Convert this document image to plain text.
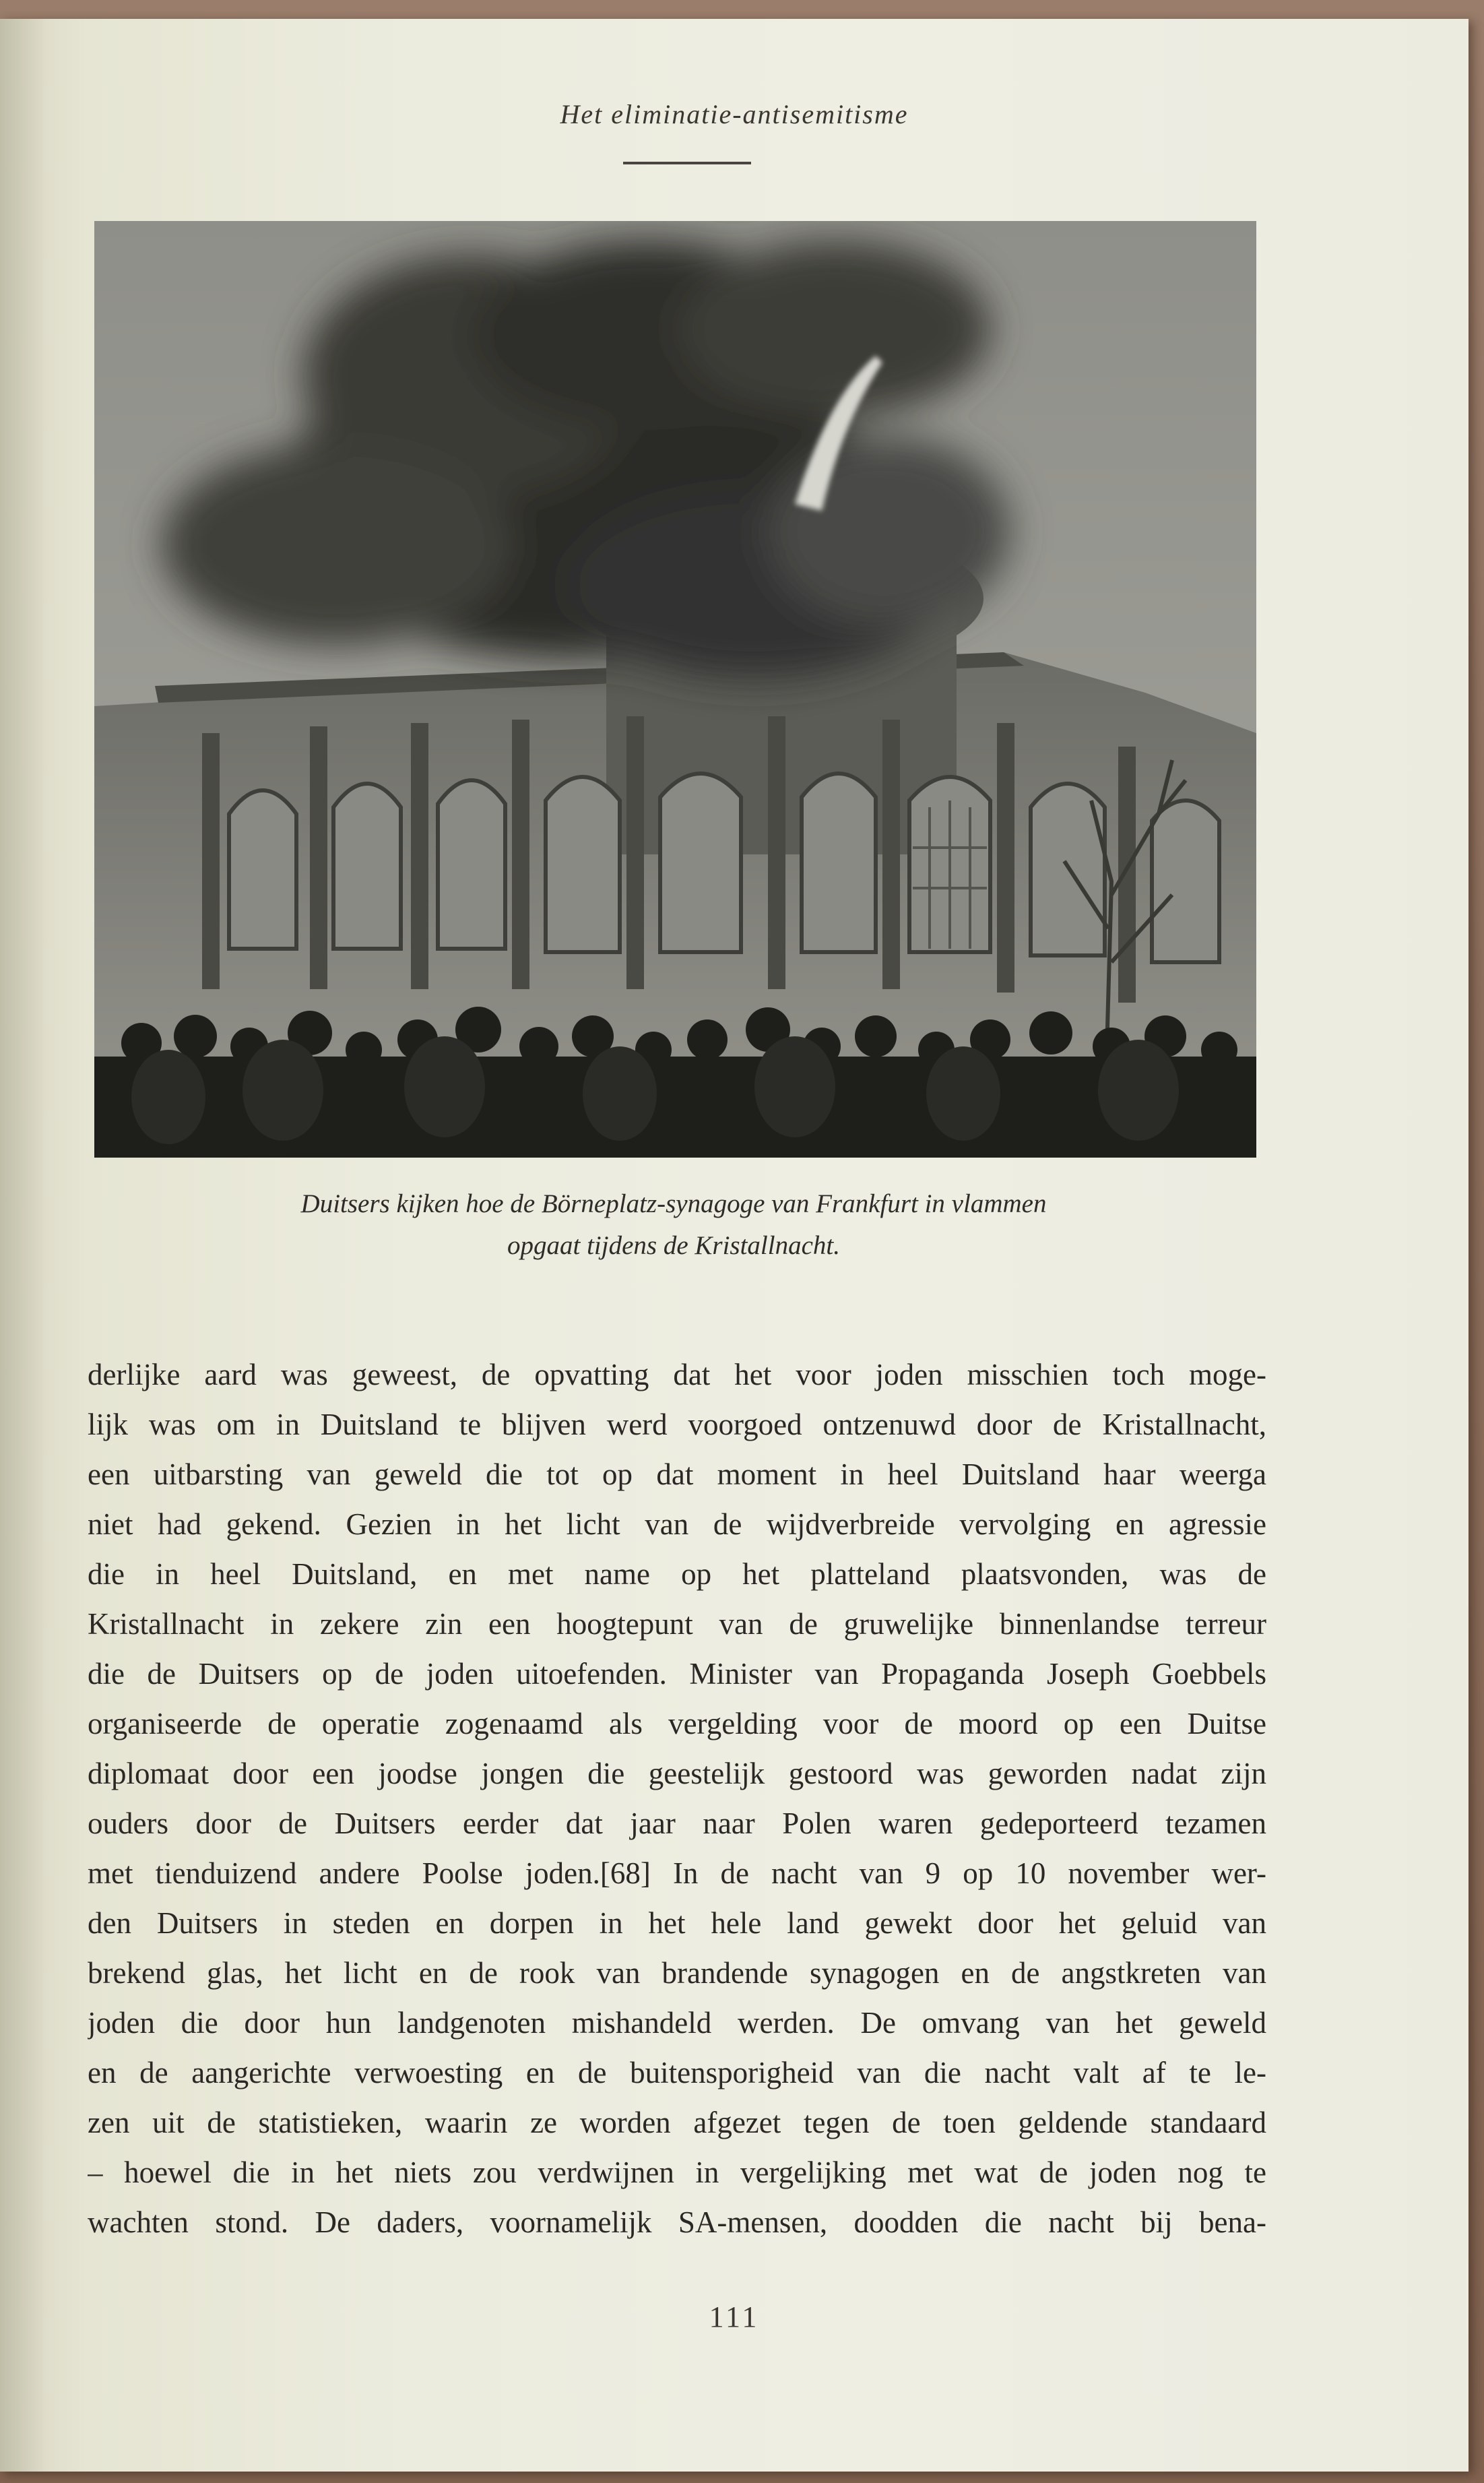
Het eliminatie-antisemitisme
Duitsers kijken hoe de Börneplatz-synagoge van Frankfurt in vlammen
opgaat tijdens de Kristallnacht.
derlijke aard was geweest, de opvatting dat het voor joden misschien toch moge-
lijk was om in Duitsland te blijven werd voorgoed ontzenuwd door de Kristallnacht,
een uitbarsting van geweld die tot op dat moment in heel Duitsland haar weerga
niet had gekend. Gezien in het licht van de wijdverbreide vervolging en agressie
die in heel Duitsland, en met name op het platteland plaatsvonden, was de
Kristallnacht in zekere zin een hoogtepunt van de gruwelijke binnenlandse terreur
die de Duitsers op de joden uitoefenden. Minister van Propaganda Joseph Goebbels
organiseerde de operatie zogenaamd als vergelding voor de moord op een Duitse
diplomaat door een joodse jongen die geestelijk gestoord was geworden nadat zijn
ouders door de Duitsers eerder dat jaar naar Polen waren gedeporteerd tezamen
met tienduizend andere Poolse joden.[68] In de nacht van 9 op 10 november wer-
den Duitsers in steden en dorpen in het hele land gewekt door het geluid van
brekend glas, het licht en de rook van brandende synagogen en de angstkreten van
joden die door hun landgenoten mishandeld werden. De omvang van het geweld
en de aangerichte verwoesting en de buitensporigheid van die nacht valt af te le-
zen uit de statistieken, waarin ze worden afgezet tegen de toen geldende standaard
– hoewel die in het niets zou verdwijnen in vergelijking met wat de joden nog te
wachten stond. De daders, voornamelijk SA-mensen, doodden die nacht bij bena-
111
